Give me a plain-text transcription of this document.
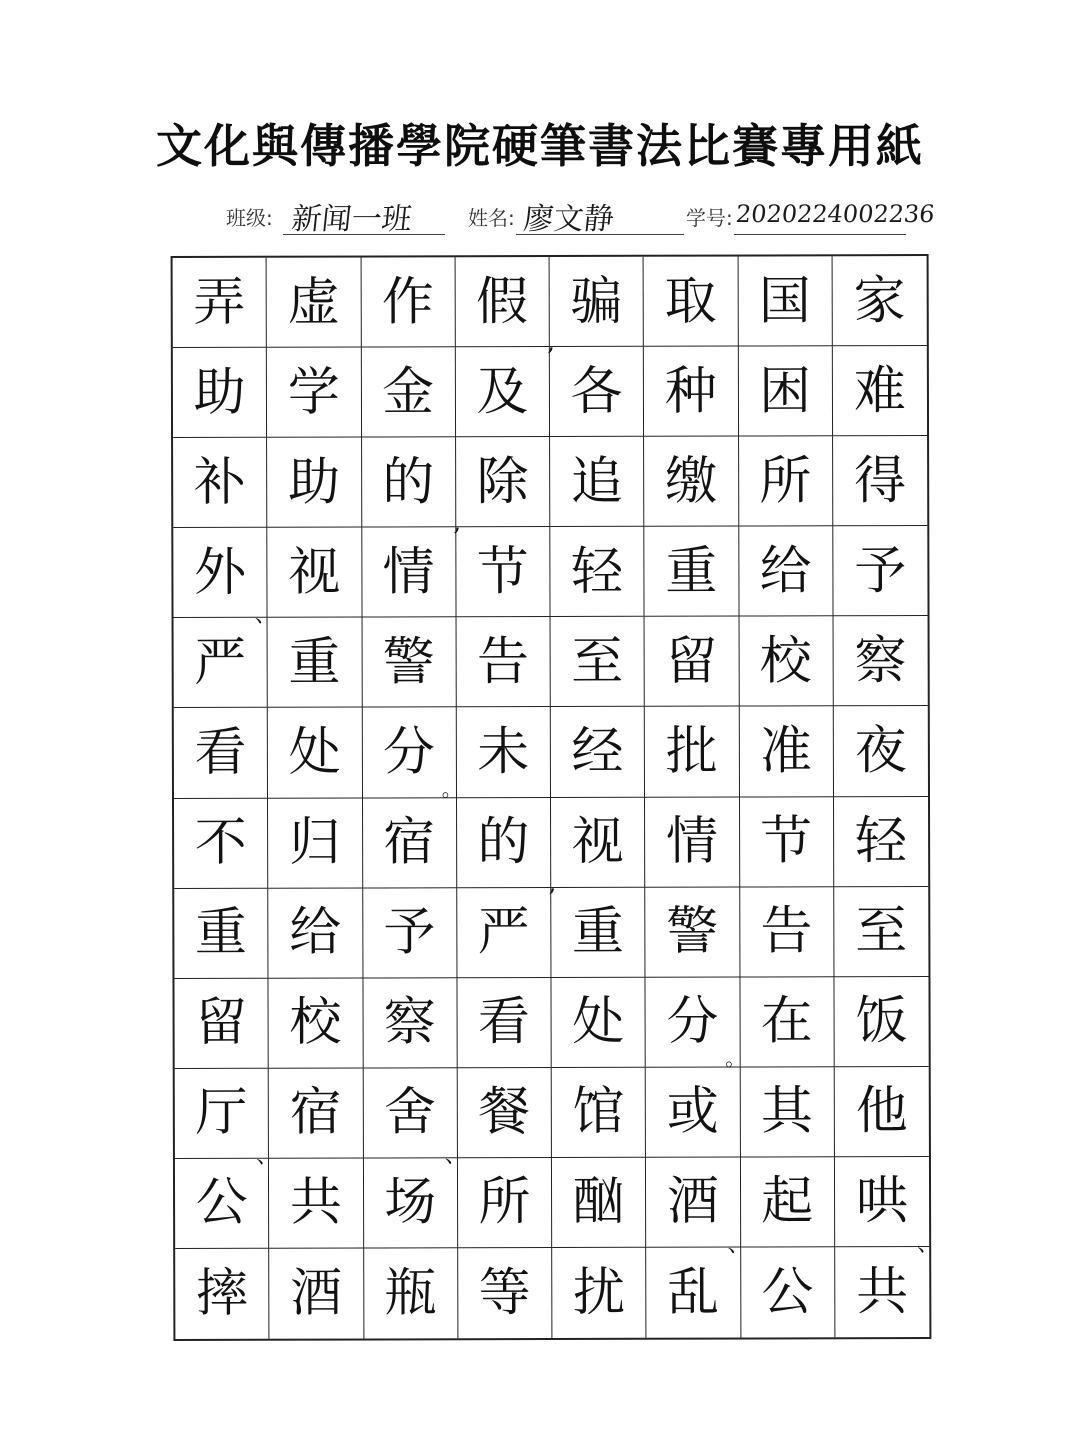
文化與傳播學院硬筆書法比賽專用紙
班级: 新闻一班	姓名: 廖文静	学号: 2020224002236
弄 虚 作 假
,
骗 取 国 家
助 学 金 及 各 种 困 难
补 助 的
,
除 追 缴 所 得
外
、
视 情 节 轻 重 给 予
严 重 警 告 至 留 校 察
看 处 分
。
未 经 批 准 夜
不 归 宿 的
,
视 情 节 轻
重 给 予 严 重 警 告 至
留 校 察 看 处 分
。
在 饭
厅
、
宿 舍
、
餐 馆 或 其 他
公 共 场 所 酗 酒
、
起 哄
、
摔 酒 瓶 等 扰 乱 公 共
